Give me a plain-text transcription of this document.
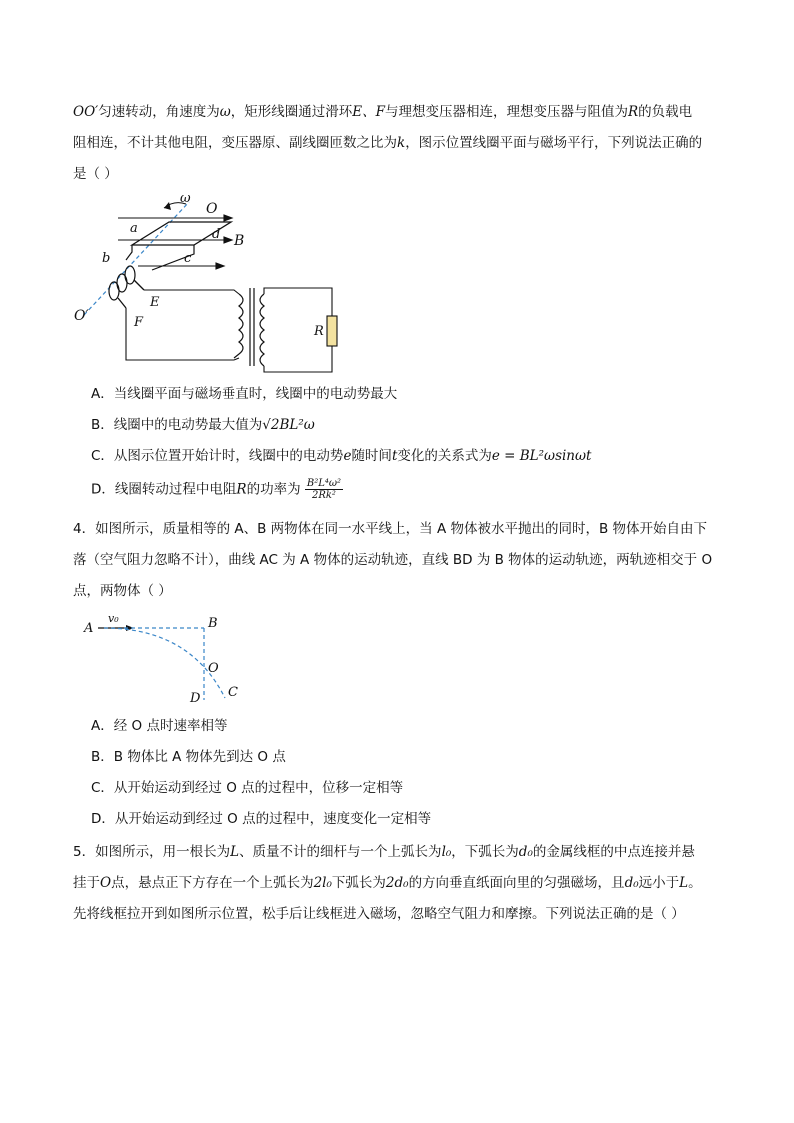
OO′匀速转动，角速度为ω，矩形线圈通过滑环E、F与理想变压器相连，理想变压器与阻值为R的负载电
阻相连，不计其他电阻，变压器原、副线圈匝数之比为k，图示位置线圈平面与磁场平行，下列说法正确的
是（ ）
ω
O
a	d B
b	c
E
O′	F
R
A．当线圈平面与磁场垂直时，线圈中的电动势最大
B．线圈中的电动势最大值为√2BL²ω
C．从图示位置开始计时，线圈中的电动势e随时间t变化的关系式为e = BL²ωsinωt
D．线圈转动过程中电阻R的功率为 $\frac{\text{B²L⁴ω²}}{\text{2Rk²}}$
4．如图所示，质量相等的 A、B 两物体在同一水平线上，当 A 物体被水平抛出的同时，B 物体开始自由下
落（空气阻力忽略不计），曲线 AC 为 A 物体的运动轨迹，直线 BD 为 B 物体的运动轨迹，两轨迹相交于 O
点，两物体（ ）
v₀
A	B
O
D C
A．经 O 点时速率相等
B．B 物体比 A 物体先到达 O 点
C．从开始运动到经过 O 点的过程中，位移一定相等
D．从开始运动到经过 O 点的过程中，速度变化一定相等
5．如图所示，用一根长为L、质量不计的细杆与一个上弧长为l₀，下弧长为d₀的金属线框的中点连接并悬
挂于O点，悬点正下方存在一个上弧长为2l₀下弧长为2d₀的方向垂直纸面向里的匀强磁场，且d₀远小于L。
先将线框拉开到如图所示位置，松手后让线框进入磁场，忽略空气阻力和摩擦。下列说法正确的是（ ）
